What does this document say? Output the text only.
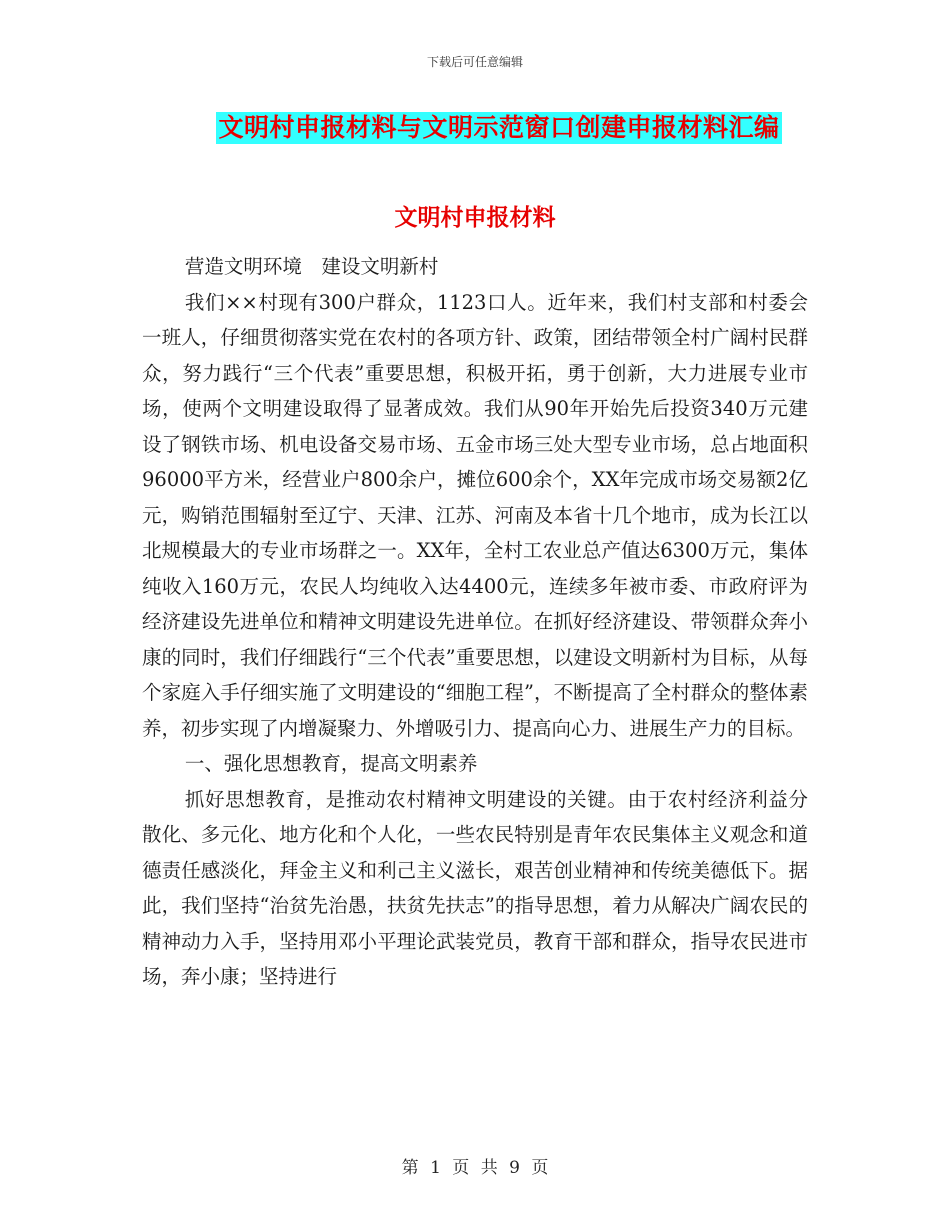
下载后可任意编辑
文明村申报材料与文明示范窗口创建申报材料汇编
文明村申报材料

营造文明环境　建设文明新村

我们××村现有300户群众，1123口人。近年来，我们村支部和村委会一班人，仔细贯彻落实党在农村的各项方针、政策，团结带领全村广阔村民群众，努力践行“三个代表”重要思想，积极开拓，勇于创新，大力进展专业市场，使两个文明建设取得了显著成效。我们从90年开始先后投资340万元建设了钢铁市场、机电设备交易市场、五金市场三处大型专业市场，总占地面积96000平方米，经营业户800余户，摊位600余个，XX年完成市场交易额2亿元，购销范围辐射至辽宁、天津、江苏、河南及本省十几个地市，成为长江以北规模最大的专业市场群之一。XX年，全村工农业总产值达6300万元，集体纯收入160万元，农民人均纯收入达4400元，连续多年被市委、市政府评为经济建设先进单位和精神文明建设先进单位。在抓好经济建设、带领群众奔小康的同时，我们仔细践行“三个代表”重要思想，以建设文明新村为目标，从每个家庭入手仔细实施了文明建设的“细胞工程”，不断提高了全村群众的整体素养，初步实现了内增凝聚力、外增吸引力、提高向心力、进展生产力的目标。

一、强化思想教育，提高文明素养

抓好思想教育，是推动农村精神文明建设的关键。由于农村经济利益分散化、多元化、地方化和个人化，一些农民特别是青年农民集体主义观念和道德责任感淡化，拜金主义和利己主义滋长，艰苦创业精神和传统美德低下。据此，我们坚持“治贫先治愚，扶贫先扶志”的指导思想，着力从解决广阔农民的精神动力入手，坚持用邓小平理论武装党员，教育干部和群众，指导农民进市场，奔小康；坚持进行

第 1 页 共 9 页
